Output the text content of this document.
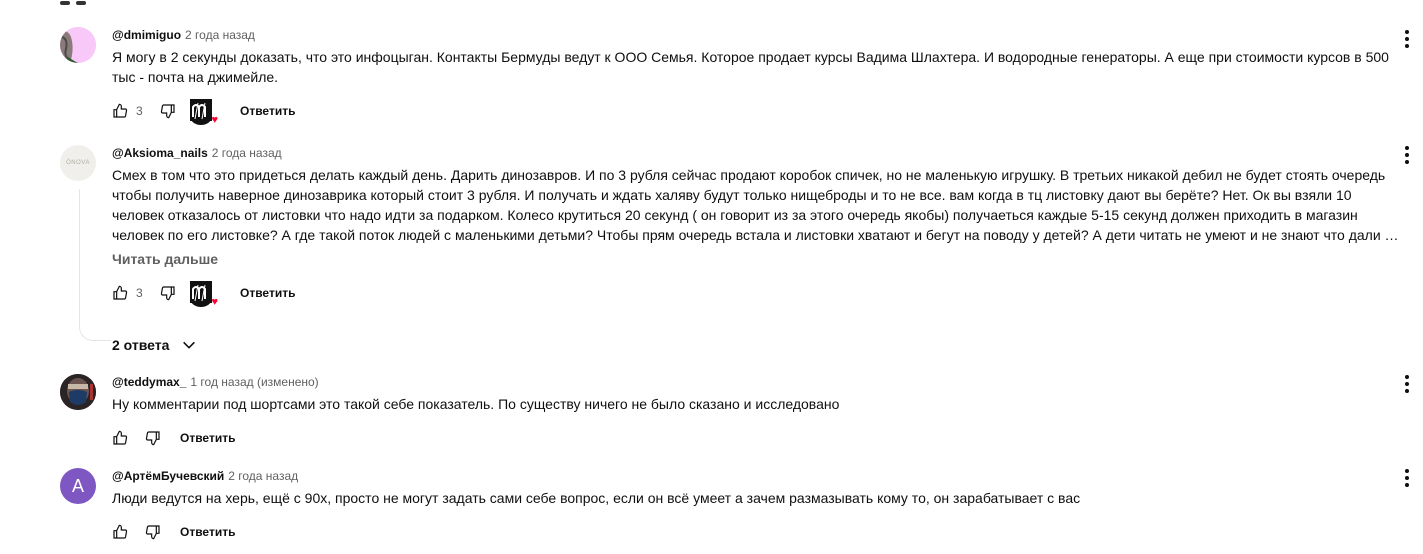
@dmimiguo 2 года назад
Я могу в 2 секунды доказать, что это инфоцыган. Контакты Бермуды ведут к ООО Семья. Которое продает курсы Вадима Шлахтера. И водородные генераторы. А еще при стоимости курсов в 500 тыс - почта на джимейле.
3
♥
Ответить
ÓNOVA
@Aksioma_nails 2 года назад
Смех в том что это придеться делать каждый день. Дарить динозавров. И по 3 рубля сейчас продают коробок спичек, но не маленькую игрушку. В третьих никакой дебил не будет стоять очередь чтобы получить наверное динозаврика который стоит 3 рубля. И получать и ждать халяву будут только нищеброды и то не все. вам когда в тц листовку дают вы берёте? Нет. Ок вы взяли 10 человек отказалось от листовки что надо идти за подарком. Колесо крутиться 20 секунд ( он говорит из за этого очередь якобы) получаеться каждые 5-15 секунд должен приходить в магазин человек по его листовке? А где такой поток людей с маленькими детьми? Чтобы прям очередь встала и листовки хватают и бегут на поводу у детей? А дети читать не умеют и не знают что дали …
Читать дальше
3
♥
Ответить
2 ответа
@teddymax_ 1 год назад (изменено)
Ну комментарии под шортсами это такой себе показатель. По существу ничего не было сказано и исследовано
Ответить
А @АртёмБучевский 2 года назад
Люди ведутся на херь, ещё с 90х, просто не могут задать сами себе вопрос, если он всё умеет а зачем размазывать кому то, он зарабатывает с вас
Ответить
